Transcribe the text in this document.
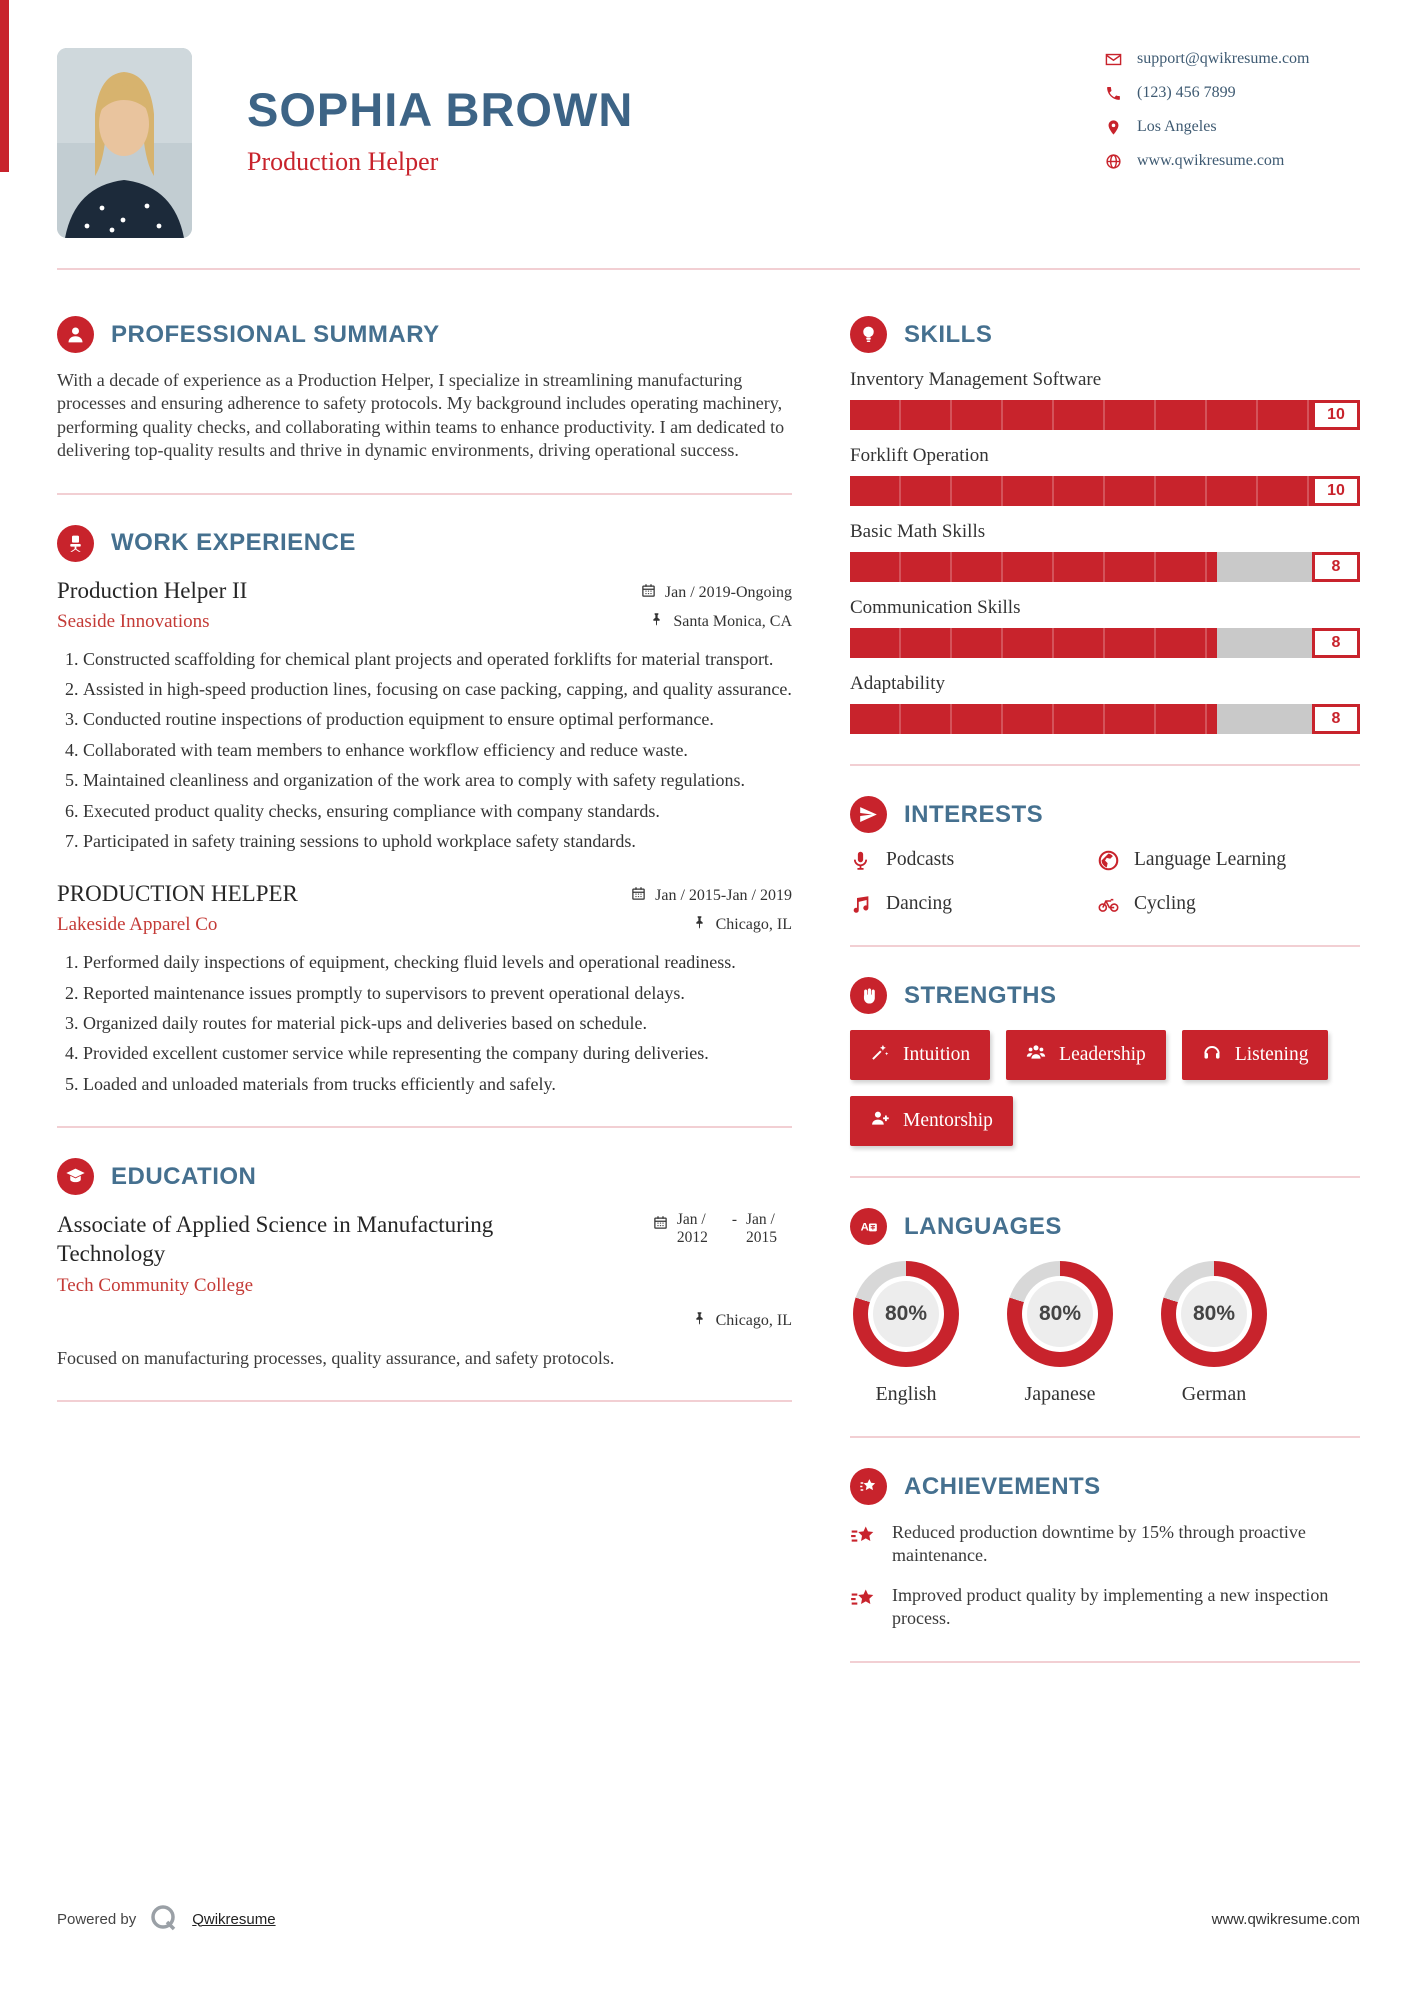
SOPHIA BROWN
Production Helper
support@qwikresume.com
(123) 456 7899
Los Angeles
www.qwikresume.com
PROFESSIONAL SUMMARY

With a decade of experience as a Production Helper, I specialize in streamlining manufacturing processes and ensuring adherence to safety protocols. My background includes operating machinery, performing quality checks, and collaborating within teams to enhance productivity. I am dedicated to delivering top-quality results and thrive in dynamic environments, driving operational success.

WORK EXPERIENCE
Production Helper II	Jan / 2019-Ongoing
Seaside Innovations	Santa Monica, CA
1. Constructed scaffolding for chemical plant projects and operated forklifts for material transport.
2. Assisted in high-speed production lines, focusing on case packing, capping, and quality assurance.
3. Conducted routine inspections of production equipment to ensure optimal performance.
4. Collaborated with team members to enhance workflow efficiency and reduce waste.
5. Maintained cleanliness and organization of the work area to comply with safety regulations.
6. Executed product quality checks, ensuring compliance with company standards.
7. Participated in safety training sessions to uphold workplace safety standards.
PRODUCTION HELPER	Jan / 2015-Jan / 2019
Lakeside Apparel Co	Chicago, IL
1. Performed daily inspections of equipment, checking fluid levels and operational readiness.
2. Reported maintenance issues promptly to supervisors to prevent operational delays.
3. Organized daily routes for material pick-ups and deliveries based on schedule.
4. Provided excellent customer service while representing the company during deliveries.
5. Loaded and unloaded materials from trucks efficiently and safely.
EDUCATION
Associate of Applied Science in Manufacturing Technology
Jan / 2012
- Jan / 2015
Tech Community College
Chicago, IL

Focused on manufacturing processes, quality assurance, and safety protocols.

SKILLS
Inventory Management Software
10
Forklift Operation
10
Basic Math Skills
8
Communication Skills
8
Adaptability
8
INTERESTS
Podcasts	Language Learning
Dancing	Cycling
STRENGTHS
Intuition	Leadership	Listening
Mentorship
A LANGUAGES
80%
English
80%
Japanese
80%
German
ACHIEVEMENTS
Reduced production downtime by 15% through proactive maintenance.
Improved product quality by implementing a new inspection process.
Powered by	Qwikresume	www.qwikresume.com
